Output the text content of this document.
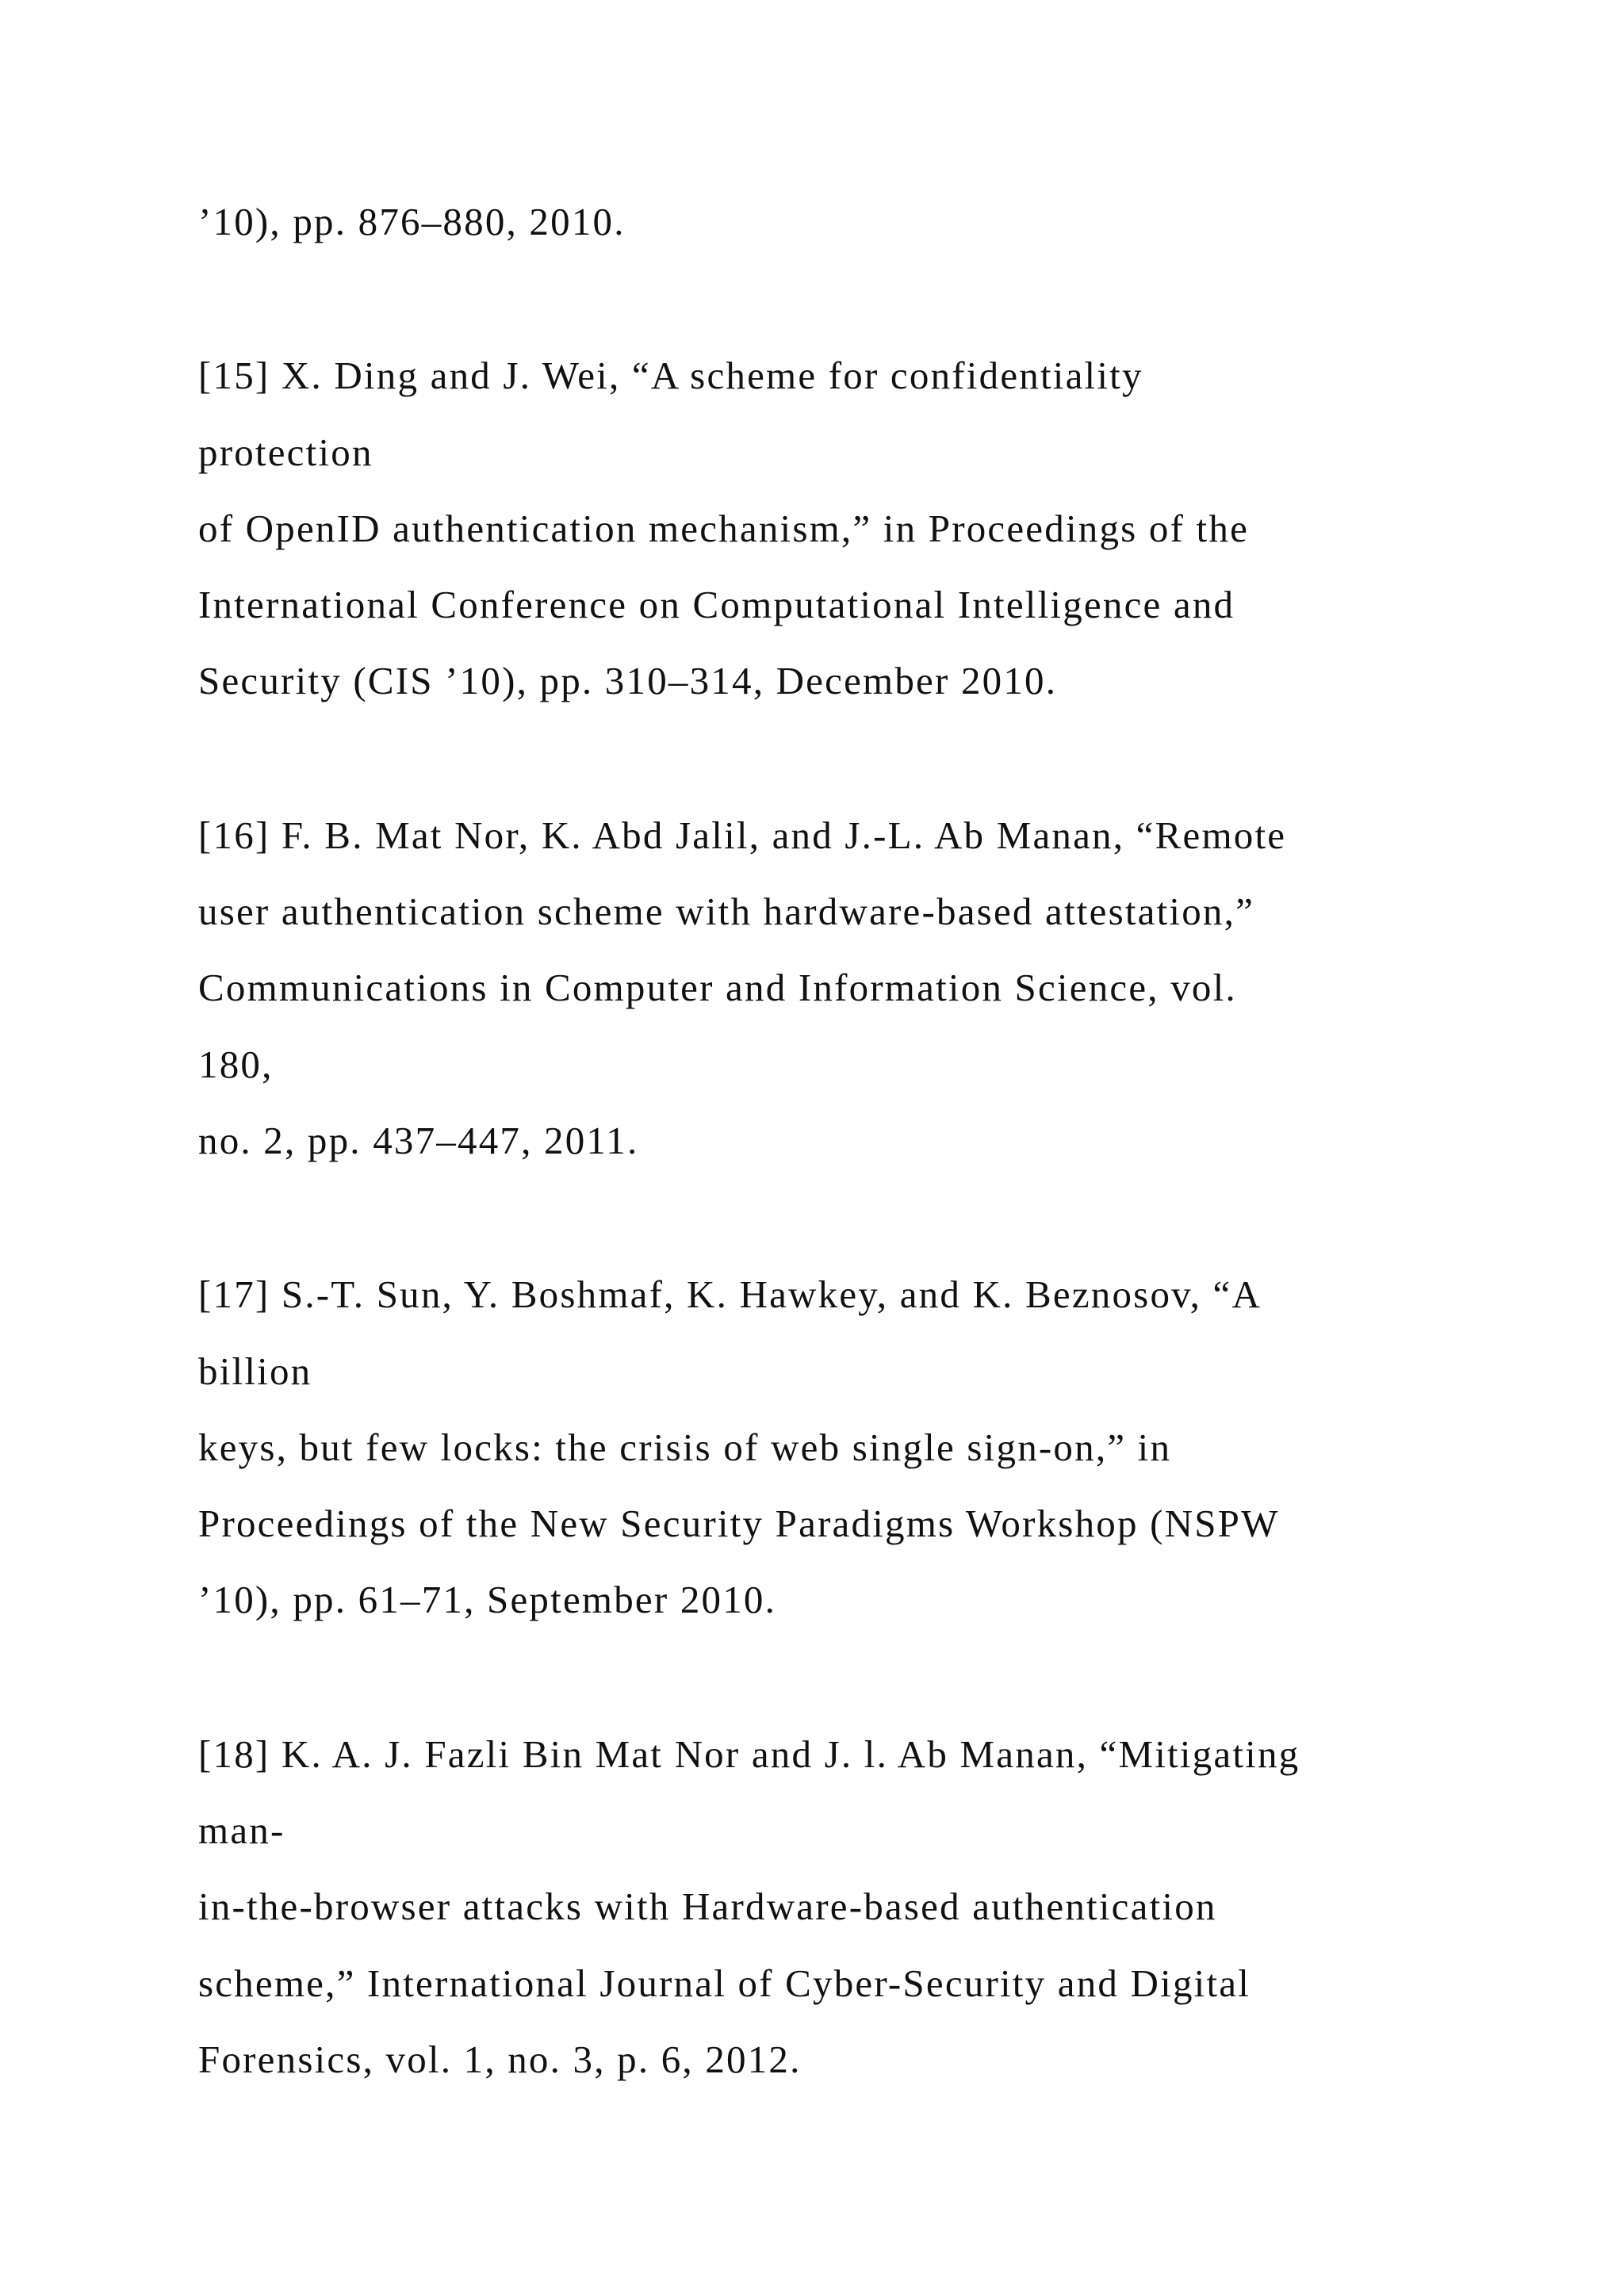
’10), pp. 876–880, 2010.
[15] X. Ding and J. Wei, “A scheme for confidentiality
protection
of OpenID authentication mechanism,” in Proceedings of the
International Conference on Computational Intelligence and
Security (CIS ’10), pp. 310–314, December 2010.
[16] F. B. Mat Nor, K. Abd Jalil, and J.-L. Ab Manan, “Remote
user authentication scheme with hardware-based attestation,”
Communications in Computer and Information Science, vol.
180,
no. 2, pp. 437–447, 2011.
[17] S.-T. Sun, Y. Boshmaf, K. Hawkey, and K. Beznosov, “A
billion
keys, but few locks: the crisis of web single sign-on,” in
Proceedings of the New Security Paradigms Workshop (NSPW
’10), pp. 61–71, September 2010.
[18] K. A. J. Fazli Bin Mat Nor and J. l. Ab Manan, “Mitigating
man-
in-the-browser attacks with Hardware-based authentication
scheme,” International Journal of Cyber-Security and Digital
Forensics, vol. 1, no. 3, p. 6, 2012.
